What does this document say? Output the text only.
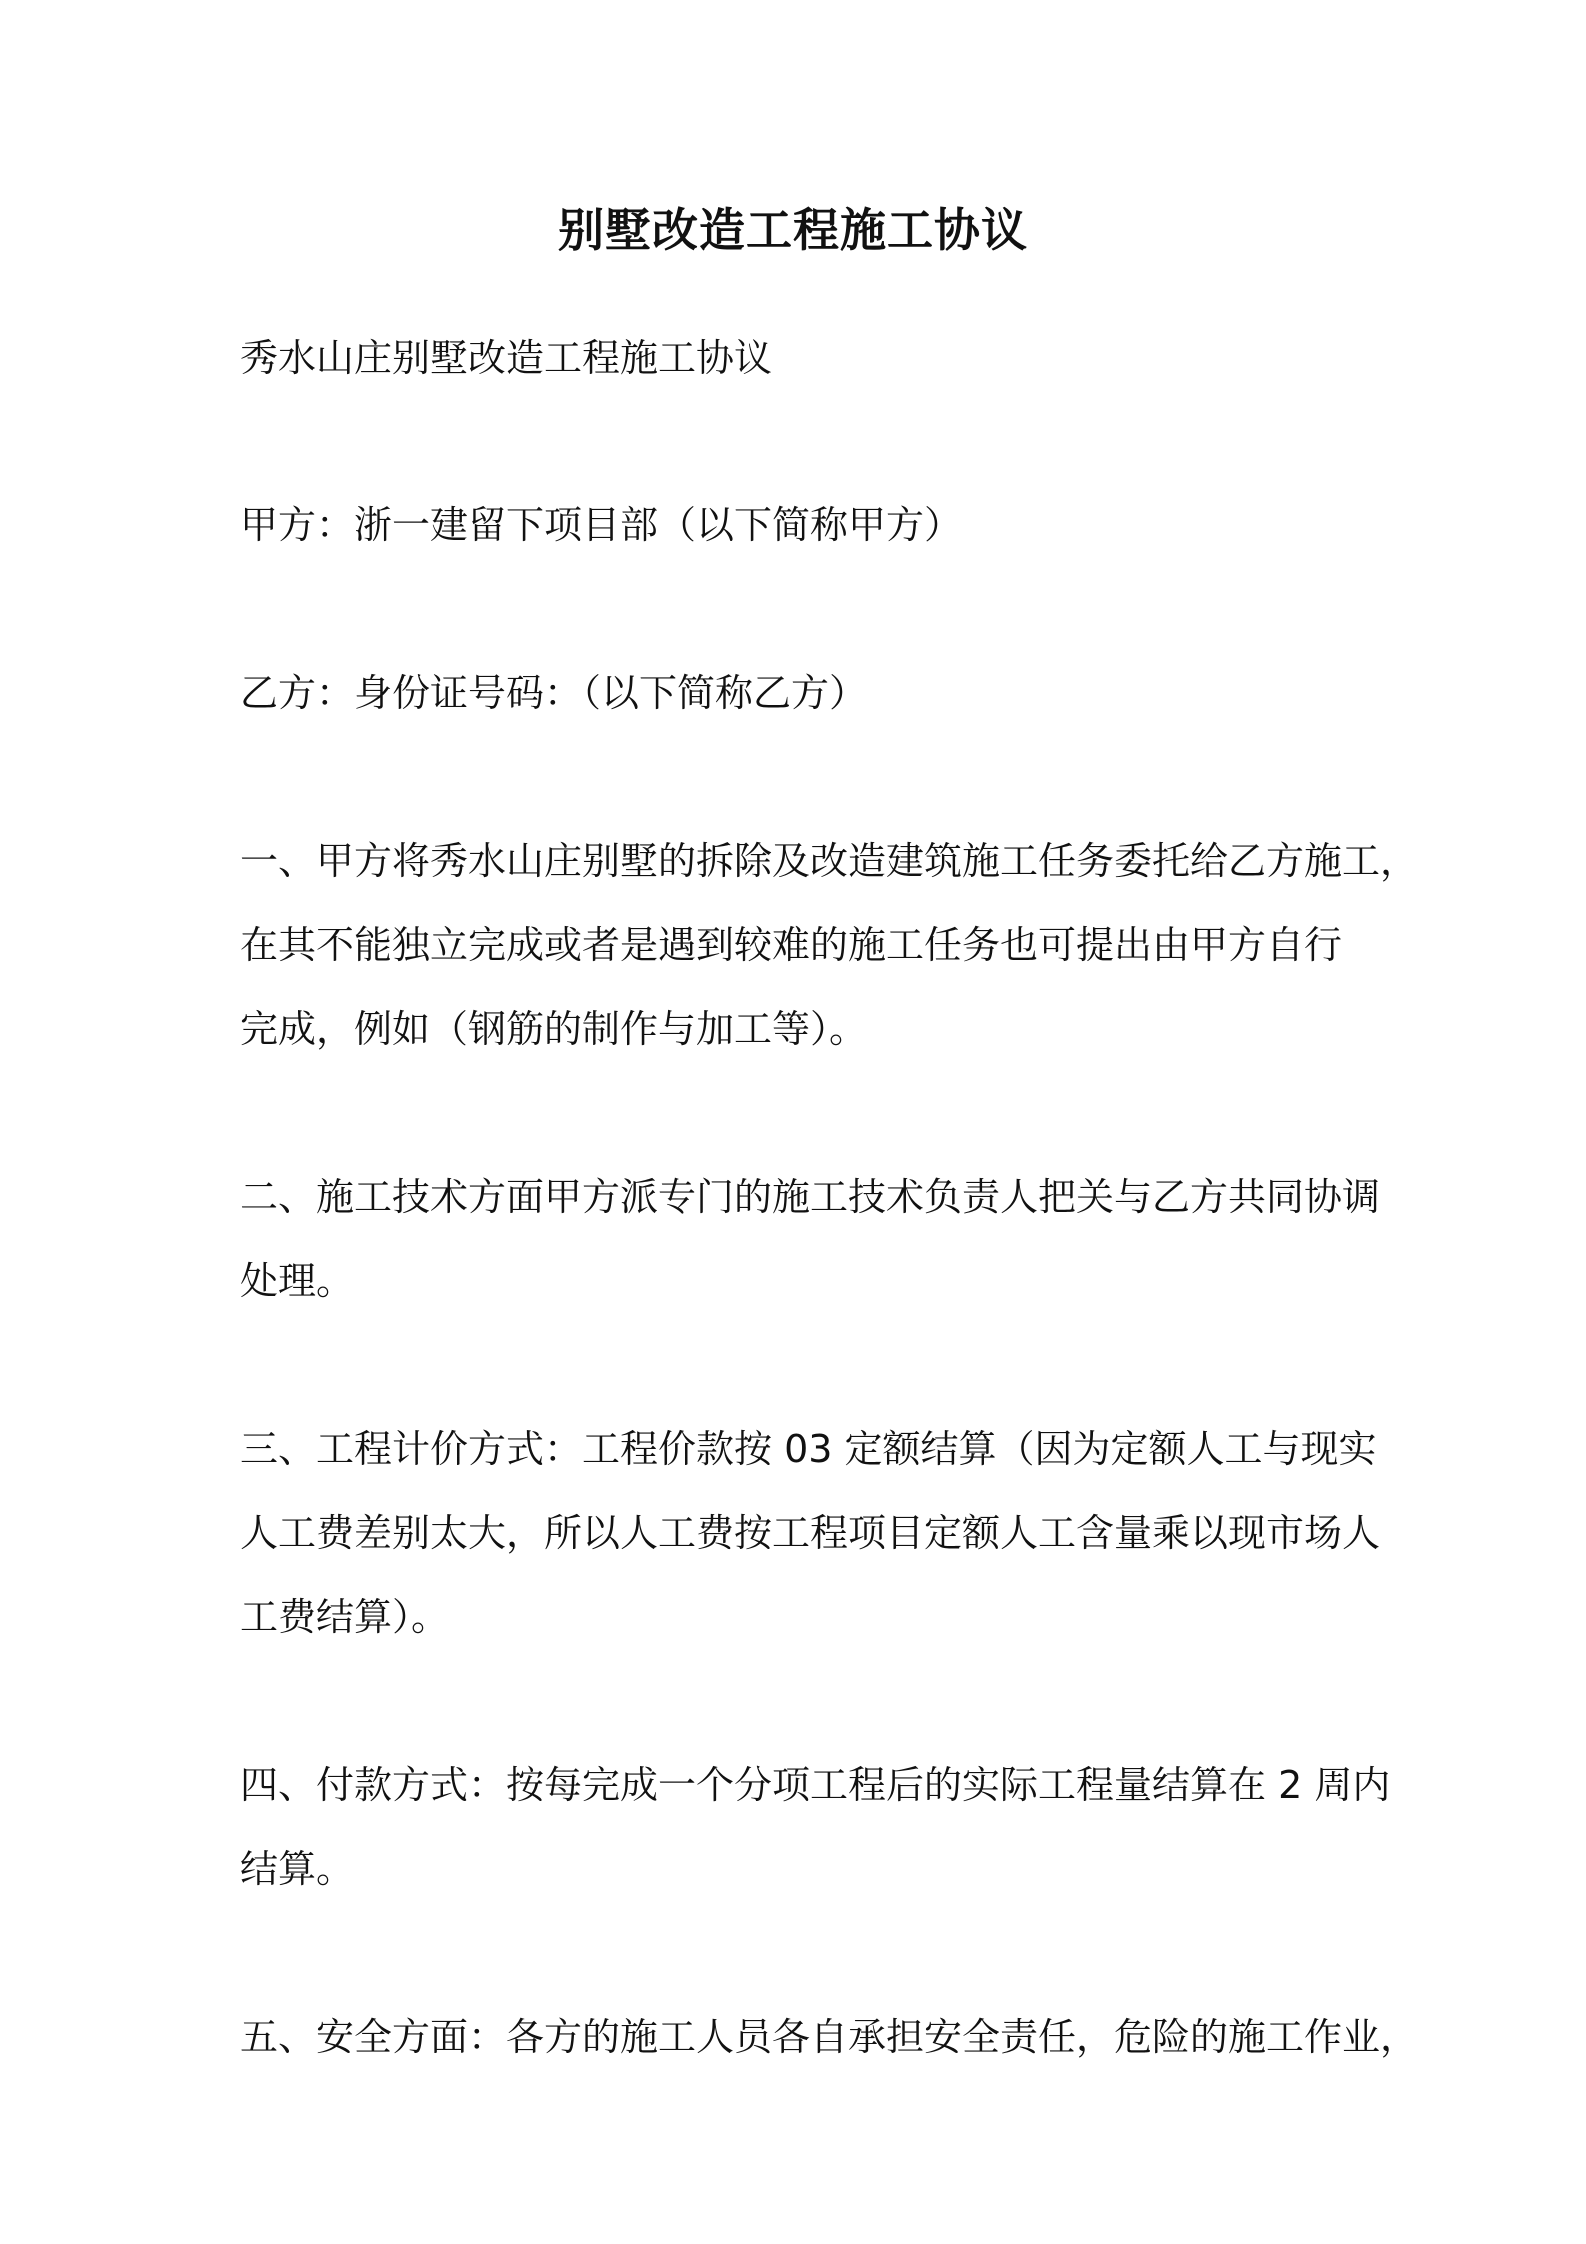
别墅改造工程施工协议
秀水山庄别墅改造工程施工协议
甲方：浙一建留下项目部（以下简称甲方）
乙方：身份证号码：（以下简称乙方）
一、甲方将秀水山庄别墅的拆除及改造建筑施工任务委托给乙方施工，
在其不能独立完成或者是遇到较难的施工任务也可提出由甲方自行
完成，例如（钢筋的制作与加工等）。
二、施工技术方面甲方派专门的施工技术负责人把关与乙方共同协调
处理。
三、工程计价方式：工程价款按 03 定额结算（因为定额人工与现实
人工费差别太大，所以人工费按工程项目定额人工含量乘以现市场人
工费结算）。
四、付款方式：按每完成一个分项工程后的实际工程量结算在 2 周内
结算。
五、安全方面：各方的施工人员各自承担安全责任，危险的施工作业，
